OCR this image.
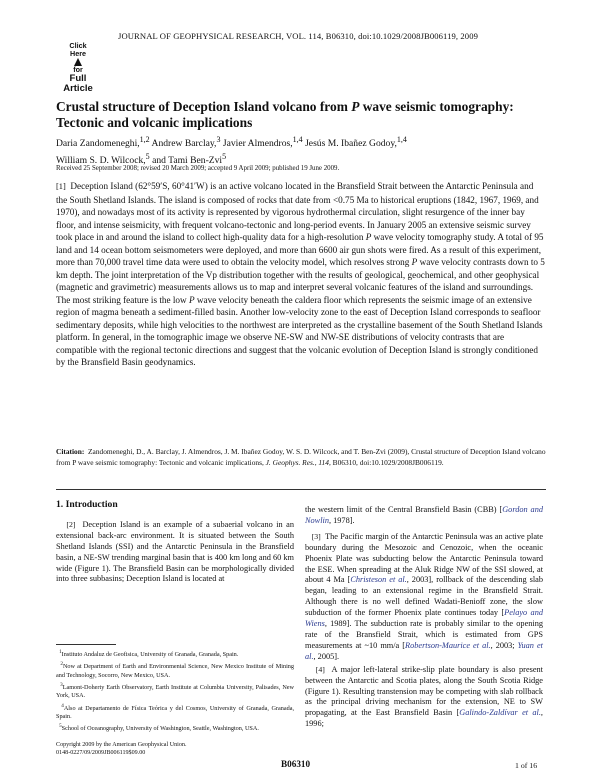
JOURNAL OF GEOPHYSICAL RESEARCH, VOL. 114, B06310, doi:10.1029/2008JB006119, 2009
Click
Here
for
Full
Article
Crustal structure of Deception Island volcano from P wave seismic tomography: Tectonic and volcanic implications
Daria Zandomeneghi,$^{1,2}$ Andrew Barclay,$^3$ Javier Almendros,$^{1,4}$ Jesús M. Ibañez Godoy,$^{1,4}$
William S. D. Wilcock,$^5$ and Tami Ben-Zvi$^5$
Received 25 September 2008; revised 20 March 2009; accepted 9 April 2009; published 19 June 2009.

[1] Deception Island (62°59′S, 60°41′W) is an active volcano located in the Bransfield Strait between the Antarctic Peninsula and the South Shetland Islands. The island is composed of rocks that date from <0.75 Ma to historical eruptions (1842, 1967, 1969, and 1970), and nowadays most of its activity is represented by vigorous hydrothermal circulation, slight resurgence of the inner bay floor, and intense seismicity, with frequent volcano-tectonic and long-period events. In January 2005 an extensive seismic survey took place in and around the island to collect high-quality data for a high-resolution P wave velocity tomography study. A total of 95 land and 14 ocean bottom seismometers were deployed, and more than 6600 air gun shots were fired. As a result of this experiment, more than 70,000 travel time data were used to obtain the velocity model, which resolves strong P wave velocity contrasts down to 5 km depth. The joint interpretation of the Vp distribution together with the results of geological, geochemical, and other geophysical (magnetic and gravimetric) measurements allows us to map and interpret several volcanic features of the island and surroundings. The most striking feature is the low P wave velocity beneath the caldera floor which represents the seismic image of an extensive region of magma beneath a sediment-filled basin. Another low-velocity zone to the east of Deception Island corresponds to seafloor sedimentary deposits, while high velocities to the northwest are interpreted as the crystalline basement of the South Shetland Islands platform. In general, in the tomographic image we observe NE-SW and NW-SE distributions of velocity contrasts that are compatible with the regional tectonic directions and suggest that the volcanic evolution of Deception Island is strongly conditioned by the Bransfield Basin geodynamics.

Citation: Zandomeneghi, D., A. Barclay, J. Almendros, J. M. Ibañez Godoy, W. S. D. Wilcock, and T. Ben-Zvi (2009), Crustal structure of Deception Island volcano from P wave seismic tomography: Tectonic and volcanic implications, J. Geophys. Res., 114, B06310, doi:10.1029/2008JB006119.
1. Introduction

[2] Deception Island is an example of a subaerial volcano in an extensional back-arc environment. It is situated between the South Shetland Islands (SSI) and the Antarctic Peninsula in the Bransfield basin, a NE-SW trending marginal basin that is 400 km long and 60 km wide (Figure 1). The Bransfield Basin can be morphologically divided into three subbasins; Deception Island is located at

$^1$Instituto Andaluz de Geofisica, University of Granada, Granada, Spain.

$^2$Now at Department of Earth and Environmental Science, New Mexico Institute of Mining and Technology, Socorro, New Mexico, USA.

$^3$Lamont-Doherty Earth Observatory, Earth Institute at Columbia University, Palisades, New York, USA.

$^4$Also at Departamento de Física Teórica y del Cosmos, University of Granada, Granada, Spain.

$^5$School of Oceanography, University of Washington, Seattle, Washington, USA.

Copyright 2009 by the American Geophysical Union.
0148-0227/09/2009JB006119$09.00

the western limit of the Central Bransfield Basin (CBB) [Gordon and Nowlin, 1978].

[3] The Pacific margin of the Antarctic Peninsula was an active plate boundary during the Mesozoic and Cenozoic, when the oceanic Phoenix Plate was subducting below the Antarctic Peninsula toward the ESE. When spreading at the Aluk Ridge NW of the SSI slowed, at about 4 Ma [Christeson et al., 2003], rollback of the descending slab began, leading to an extensional regime in the Bransfield Strait. Although there is no well defined Wadati-Benioff zone, the slow subduction of the former Phoenix plate continues today [Pelayo and Wiens, 1989]. The subduction rate is probably similar to the opening rate of the Bransfield Strait, which is estimated from GPS measurements at ~10 mm/a [Robertson-Maurice et al., 2003; Yuan et al., 2005].

[4] A major left-lateral strike-slip plate boundary is also present between the Antarctic and Scotia plates, along the South Scotia Ridge (Figure 1). Resulting transtension may be competing with slab rollback as the principal driving mechanism for the extension, NE to SW propagating, at the East Bransfield Basin [Galindo-Zaldívar et al., 1996;

B06310	1 of 16
